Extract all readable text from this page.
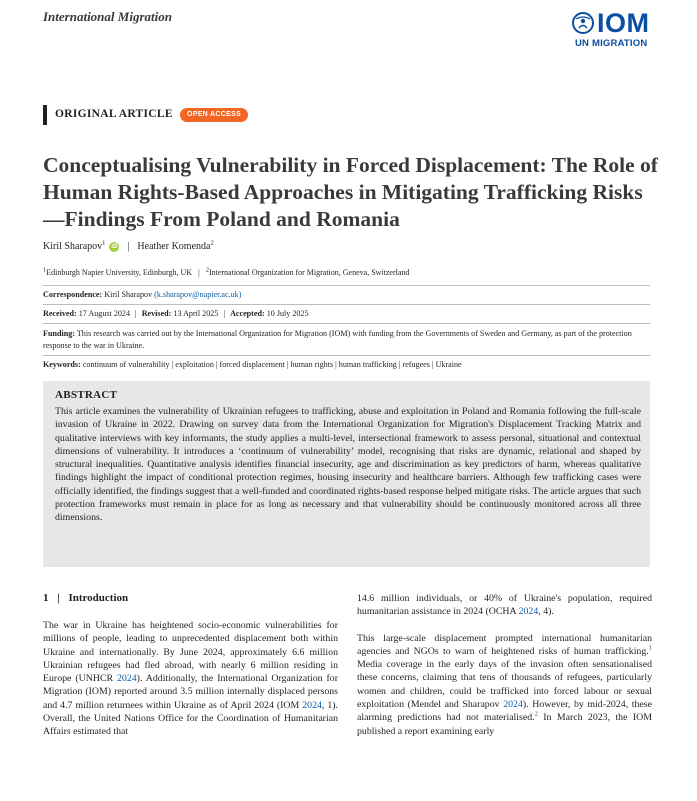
International Migration	IOM
UN MIGRATION
ORIGINAL ARTICLE	OPEN ACCESS
Conceptualising Vulnerability in Forced Displacement: The Role of Human Rights-Based Approaches in Mitigating Trafficking Risks—Findings From Poland and Romania
Kiril Sharapov$^1$	iD	| Heather Komenda$^2$
$^1$Edinburgh Napier University, Edinburgh, UK | $^2$International Organization for Migration, Geneva, Switzerland
Correspondence: Kiril Sharapov (k.sharapov@napier.ac.uk)
Received: 17 August 2024 | Revised: 13 April 2025 | Accepted: 10 July 2025
Funding: This research was carried out by the International Organization for Migration (IOM) with funding from the Governments of Sweden and Germany, as part of the protection response to the war in Ukraine.
Keywords: continuum of vulnerability | exploitation | forced displacement | human rights | human trafficking | refugees | Ukraine
ABSTRACT
This article examines the vulnerability of Ukrainian refugees to trafficking, abuse and exploitation in Poland and Romania following the full-scale invasion of Ukraine in 2022. Drawing on survey data from the International Organization for Migration's Displacement Tracking Matrix and qualitative interviews with key informants, the study applies a multi-level, intersectional framework to assess personal, situational and contextual dimensions of vulnerability. It introduces a ‘continuum of vulnerability’ model, recognising that risks are dynamic, relational and shaped by structural inequalities. Quantitative analysis identifies financial insecurity, age and discrimination as key predictors of harm, whereas qualitative findings highlight the impact of conditional protection regimes, housing insecurity and healthcare barriers. Although few trafficking cases were officially identified, the findings suggest that a well-funded and coordinated rights-based response helped mitigate risks. The article argues that such protection frameworks must remain in place for as long as necessary and that vulnerability should be continuously monitored across all three dimensions.
1 | Introduction

The war in Ukraine has heightened socio-economic vulnerabilities for millions of people, leading to unprecedented displacement both within Ukraine and internationally. By June 2024, approximately 6.6 million Ukrainian refugees had fled abroad, with nearly 6 million residing in Europe (UNHCR 2024). Additionally, the International Organization for Migration (IOM) reported around 3.5 million internally displaced persons and 4.7 million returnees within Ukraine as of April 2024 (IOM 2024, 1). Overall, the United Nations Office for the Coordination of Humanitarian Affairs estimated that

14.6 million individuals, or 40% of Ukraine's population, required humanitarian assistance in 2024 (OCHA 2024, 4).

This large-scale displacement prompted international humanitarian agencies and NGOs to warn of heightened risks of human trafficking.$^1$ Media coverage in the early days of the invasion often sensationalised these concerns, claiming that tens of thousands of refugees, particularly women and children, could be trafficked into forced labour or sexual exploitation (Mendel and Sharapov 2024). However, by mid-2024, these alarming predictions had not materialised.$^2$ In March 2023, the IOM published a report examining early
